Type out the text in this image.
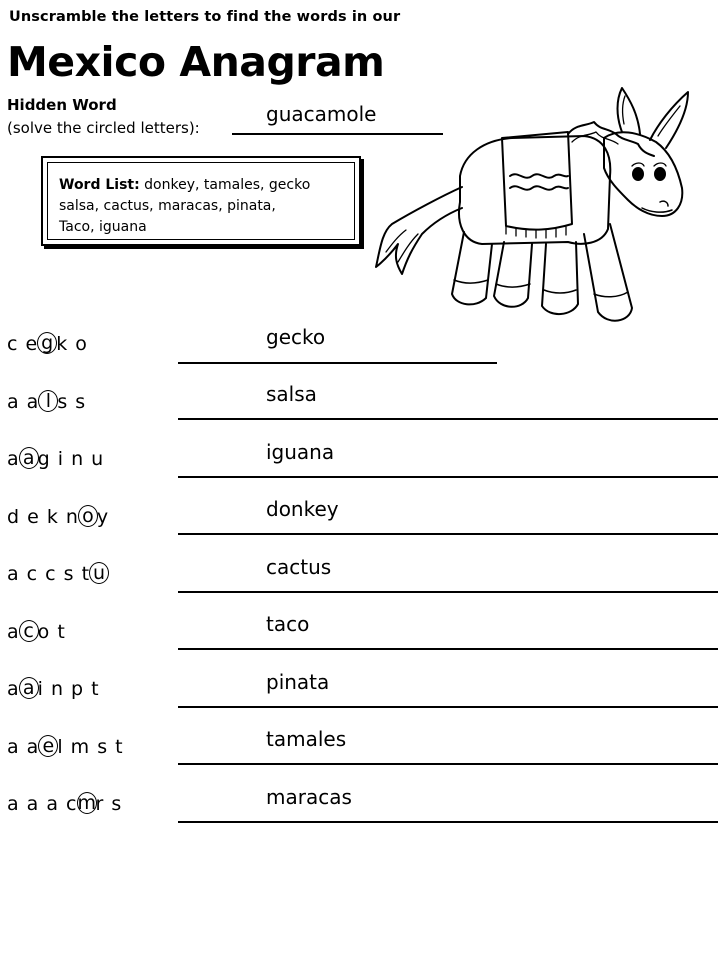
Unscramble the letters to find the words in our
Mexico Anagram
Hidden Word
(solve the circled letters):
guacamole
Word List: donkey, tamales, gecko
salsa, cactus, maracas, pinata,
Taco, iguana
c e g k o	gecko
a a l s s	salsa
a a g i n u	iguana
d e k n o y	donkey
a c c s t u	cactus
a c o t	taco
a a i n p t	pinata
a a e l m s t	tamales
a a a cmr s	maracas
